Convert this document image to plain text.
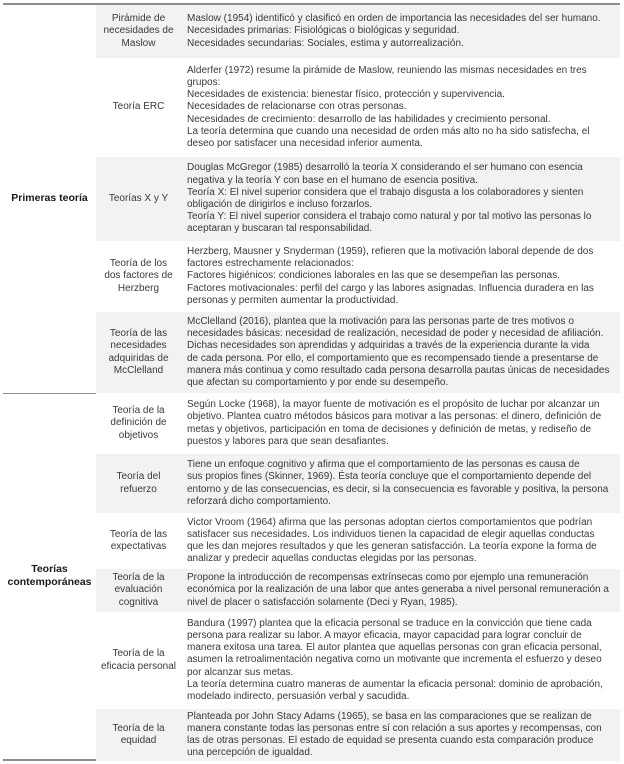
Primeras teoría
Teorías
contemporáneas
Pirámide de
necesidades de
Maslow
Maslow (1954) identificó y clasificó en orden de importancia las necesidades del ser humano.
Necesidades primarias: Fisiológicas o biológicas y seguridad.
Necesidades secundarias: Sociales, estima y autorrealización.
Teoría ERC
Alderfer (1972) resume la pirámide de Maslow, reuniendo las mismas necesidades en tres
grupos:
Necesidades de existencia: bienestar físico, protección y supervivencia.
Necesidades de relacionarse con otras personas.
Necesidades de crecimiento: desarrollo de las habilidades y crecimiento personal.
La teoría determina que cuando una necesidad de orden más alto no ha sido satisfecha, el
deseo por satisfacer una necesidad inferior aumenta.
Teorías X y Y
Douglas McGregor (1985) desarrolló la teoría X considerando el ser humano con esencia
negativa y la teoría Y con base en el humano de esencia positiva.
Teoría X: El nivel superior considera que el trabajo disgusta a los colaboradores y sienten
obligación de dirigirlos e incluso forzarlos.
Teoría Y: El nivel superior considera el trabajo como natural y por tal motivo las personas lo
aceptaran y buscaran tal responsabilidad.
Teoría de los
dos factores de
Herzberg
Herzberg, Mausner y Snyderman (1959), refieren que la motivación laboral depende de dos
factores estrechamente relacionados:
Factores higiénicos: condiciones laborales en las que se desempeñan las personas.
Factores motivacionales: perfil del cargo y las labores asignadas. Influencia duradera en las
personas y permiten aumentar la productividad.
Teoría de las
necesidades
adquiridas de
McClelland
McClelland (2016), plantea que la motivación para las personas parte de tres motivos o
necesidades básicas: necesidad de realización, necesidad de poder y necesidad de afiliación.
Dichas necesidades son aprendidas y adquiridas a través de la experiencia durante la vida
de cada persona. Por ello, el comportamiento que es recompensado tiende a presentarse de
manera más continua y como resultado cada persona desarrolla pautas únicas de necesidades
que afectan su comportamiento y por ende su desempeño.
Teoría de la
definición de
objetivos
Según Locke (1968), la mayor fuente de motivación es el propósito de luchar por alcanzar un
objetivo. Plantea cuatro métodos básicos para motivar a las personas: el dinero, definición de
metas y objetivos, participación en toma de decisiones y definición de metas, y rediseño de
puestos y labores para que sean desafiantes.
Teoría del
refuerzo
Tiene un enfoque cognitivo y afirma que el comportamiento de las personas es causa de
sus propios fines (Skinner, 1969). Ésta teoría concluye que el comportamiento depende del
entorno y de las consecuencias, es decir, si la consecuencia es favorable y positiva, la persona
reforzará dicho comportamiento.
Teoría de las
expectativas
Victor Vroom (1964) afirma que las personas adoptan ciertos comportamientos que podrían
satisfacer sus necesidades. Los individuos tienen la capacidad de elegir aquellas conductas
que les dan mejores resultados y que les generan satisfacción. La teoría expone la forma de
analizar y predecir aquellas conductas elegidas por las personas.
Teoría de la
evaluación
cognitiva
Propone la introducción de recompensas extrínsecas como por ejemplo una remuneración
económica por la realización de una labor que antes generaba a nivel personal remuneración a
nivel de placer o satisfacción solamente (Deci y Ryan, 1985).
Teoría de la
eficacia personal
Bandura (1997) plantea que la eficacia personal se traduce en la convicción que tiene cada
persona para realizar su labor. A mayor eficacia, mayor capacidad para lograr concluir de
manera exitosa una tarea. El autor plantea que aquellas personas con gran eficacia personal,
asumen la retroalimentación negativa como un motivante que incrementa el esfuerzo y deseo
por alcanzar sus metas.
La teoría determina cuatro maneras de aumentar la eficacia personal: dominio de aprobación,
modelado indirecto, persuasión verbal y sacudida.
Teoría de la
equidad
Planteada por John Stacy Adams (1965), se basa en las comparaciones que se realizan de
manera constante todas las personas entre sí con relación a sus aportes y recompensas, con
las de otras personas. El estado de equidad se presenta cuando esta comparación produce
una percepción de igualdad.
